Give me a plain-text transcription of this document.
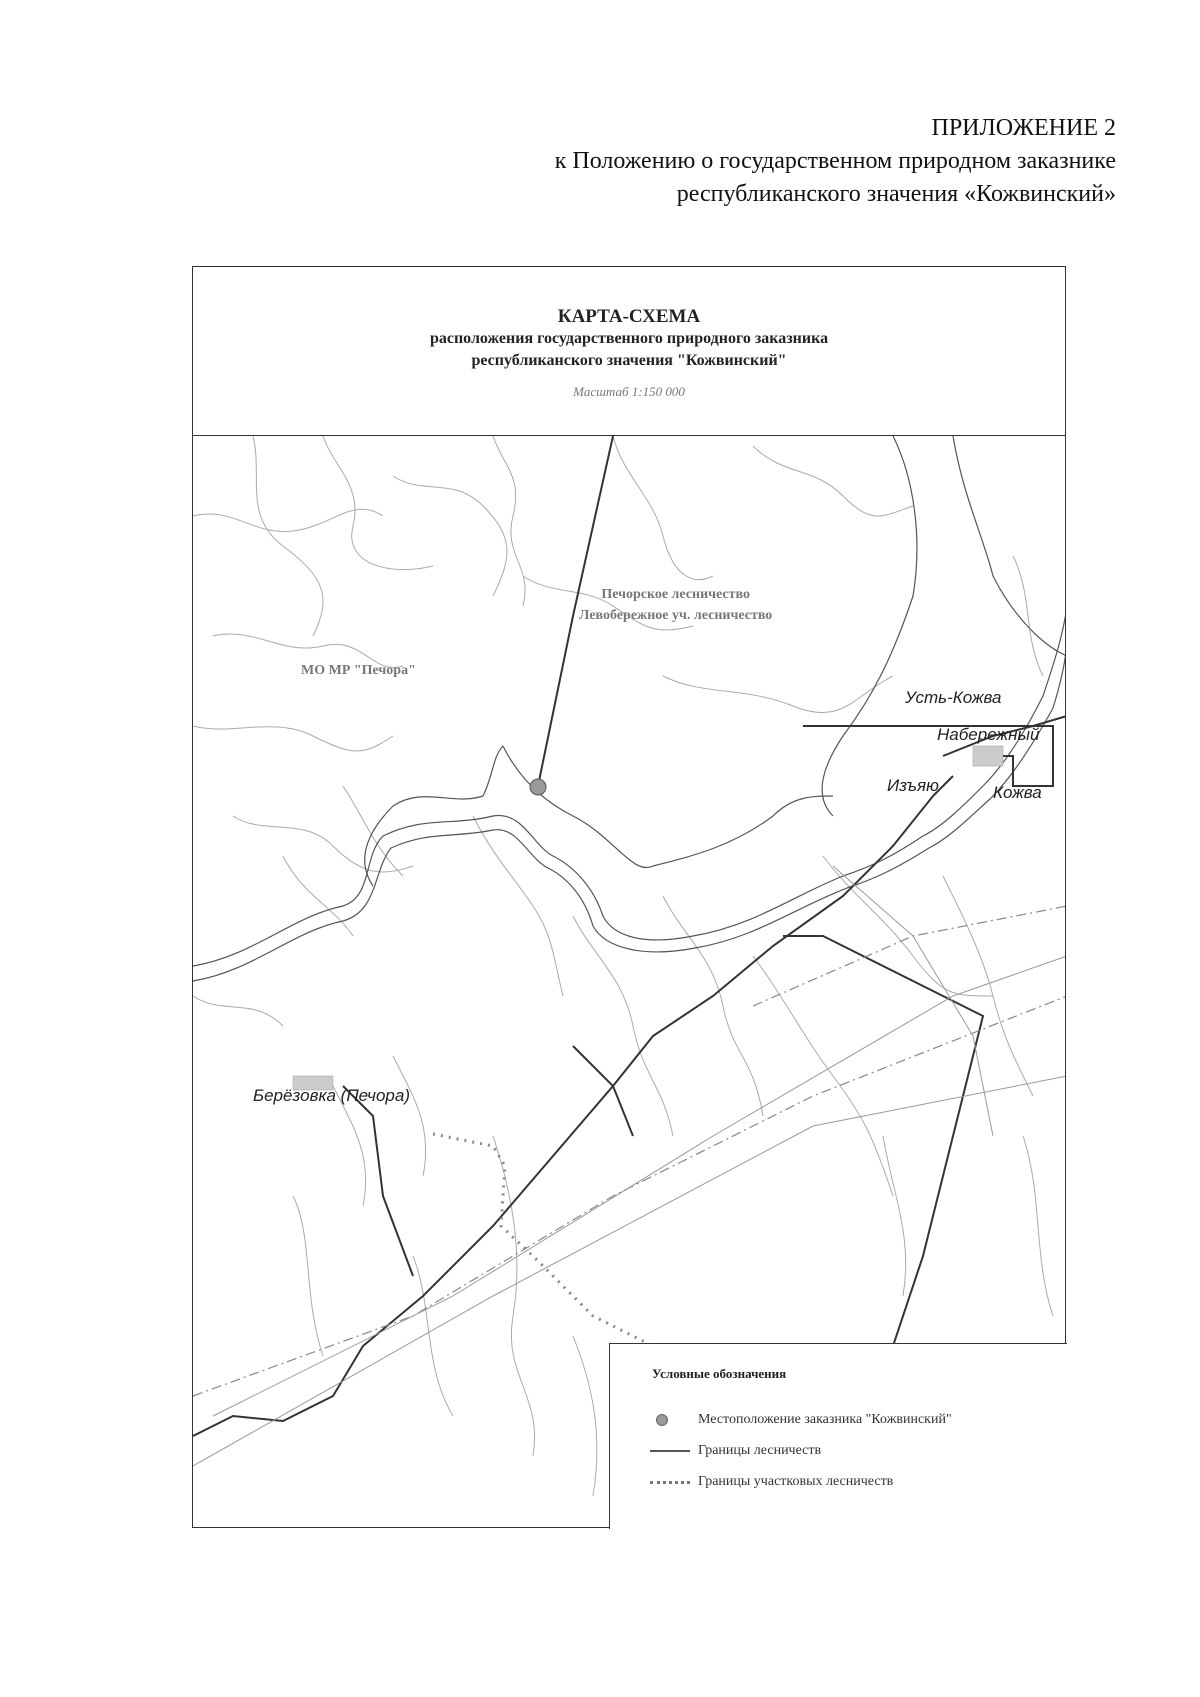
ПРИЛОЖЕНИЕ 2
к Положению о государственном природном заказнике
республиканского значения «Кожвинский»
КАРТА-СХЕМА
расположения государственного природного заказника
республиканского значения "Кожвинский"
Масштаб 1:150 000
Печорское лесничество
Левобережное уч. лесничество
МО МР "Печора"
Усть-Кожва
Набережный
Изъяю	Кожва
Берёзовка (Печора)
Условные обозначения
Местоположение заказника "Кожвинский"
Границы лесничеств
Границы участковых лесничеств
